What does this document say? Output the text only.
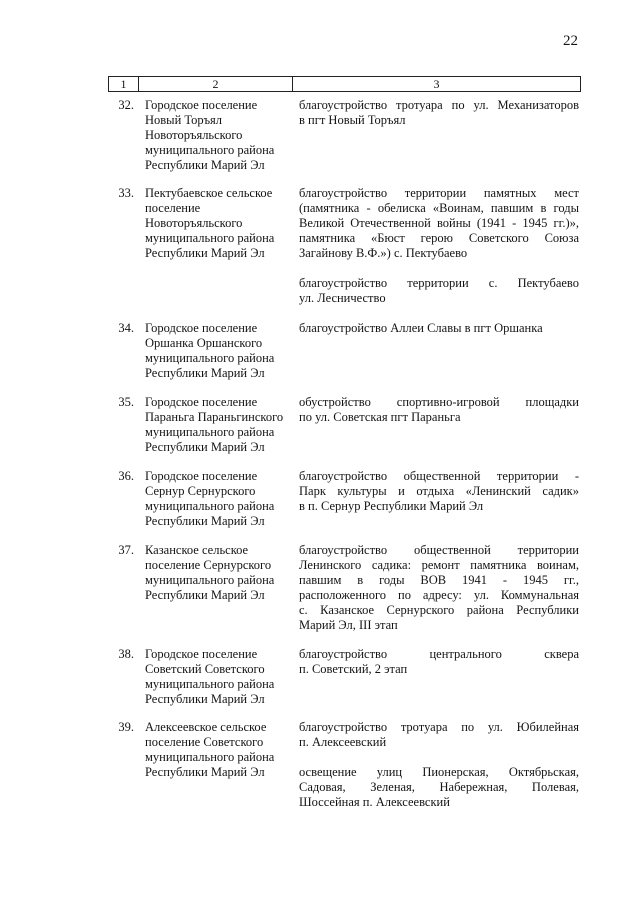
22
1	2	3
32. Городское поселение
Новый Торъял
Новоторъяльского
муниципального района
Республики Марий Эл
благоустройство тротуара по ул. Механизаторов
в пгт Новый Торъял
33. Пектубаевское сельское
поселение
Новоторъяльского
муниципального района
Республики Марий Эл
благоустройство территории памятных мест
(памятника - обелиска «Воинам, павшим в годы
Великой Отечественной войны (1941 - 1945 гг.)»,
памятника «Бюст герою Советского Союза
Загайнову В.Ф.») с. Пектубаево
благоустройство территории с. Пектубаево
ул. Лесничество
34. Городское поселение
Оршанка Оршанского
муниципального района
Республики Марий Эл
благоустройство Аллеи Славы в пгт Оршанка
35. Городское поселение
Параньга Параньгинского
муниципального района
Республики Марий Эл
обустройство спортивно-игровой площадки
по ул. Советская пгт Параньга
36. Городское поселение
Сернур Сернурского
муниципального района
Республики Марий Эл
благоустройство общественной территории -
Парк культуры и отдыха «Ленинский садик»
в п. Сернур Республики Марий Эл
37. Казанское сельское
поселение Сернурского
муниципального района
Республики Марий Эл
благоустройство общественной территории
Ленинского садика: ремонт памятника воинам,
павшим в годы ВОВ 1941 - 1945 гг.,
расположенного по адресу: ул. Коммунальная
с. Казанское Сернурского района Республики
Марий Эл, III этап
38. Городское поселение
Советский Советского
муниципального района
Республики Марий Эл
благоустройство центрального сквера
п. Советский, 2 этап
39. Алексеевское сельское
поселение Советского
муниципального района
Республики Марий Эл
благоустройство тротуара по ул. Юбилейная
п. Алексеевский
освещение улиц Пионерская, Октябрьская,
Садовая, Зеленая, Набережная, Полевая,
Шоссейная п. Алексеевский
